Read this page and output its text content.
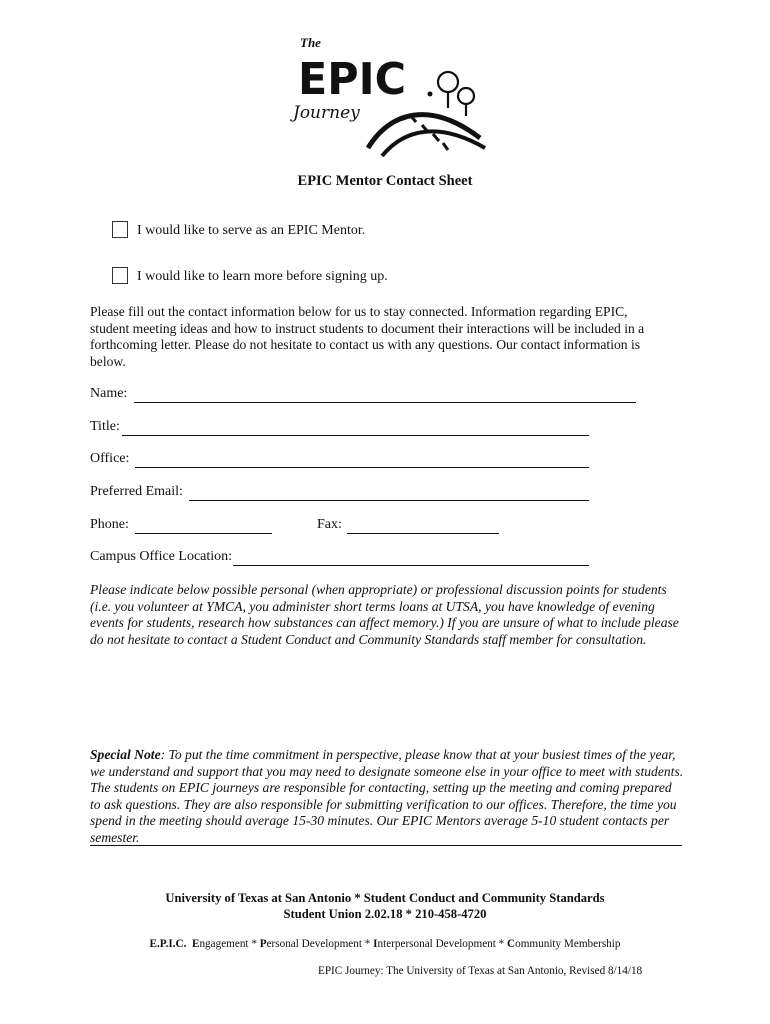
The
EPIC
Journey
EPIC Mentor Contact Sheet
I would like to serve as an EPIC Mentor.
I would like to learn more before signing up.
Please fill out the contact information below for us to stay connected. Information regarding EPIC, student meeting ideas and how to instruct students to document their interactions will be included in a forthcoming letter. Please do not hesitate to contact us with any questions. Our contact information is below.
Name:
Title:
Office:
Preferred Email:
Phone:	Fax:
Campus Office Location:
Please indicate below possible personal (when appropriate) or professional discussion points for students (i.e. you volunteer at YMCA, you administer short terms loans at UTSA, you have knowledge of evening events for students, research how substances can affect memory.) If you are unsure of what to include please do not hesitate to contact a Student Conduct and Community Standards staff member for consultation.
Special Note: To put the time commitment in perspective, please know that at your busiest times of the year, we understand and support that you may need to designate someone else in your office to meet with students. The students on EPIC journeys are responsible for contacting, setting up the meeting and coming prepared to ask questions. They are also responsible for submitting verification to our offices. Therefore, the time you spend in the meeting should average 15-30 minutes. Our EPIC Mentors average 5-10 student contacts per semester.
University of Texas at San Antonio * Student Conduct and Community Standards
Student Union 2.02.18 * 210-458-4720
E.P.I.C. Engagement * Personal Development * Interpersonal Development * Community Membership
EPIC Journey: The University of Texas at San Antonio, Revised 8/14/18
